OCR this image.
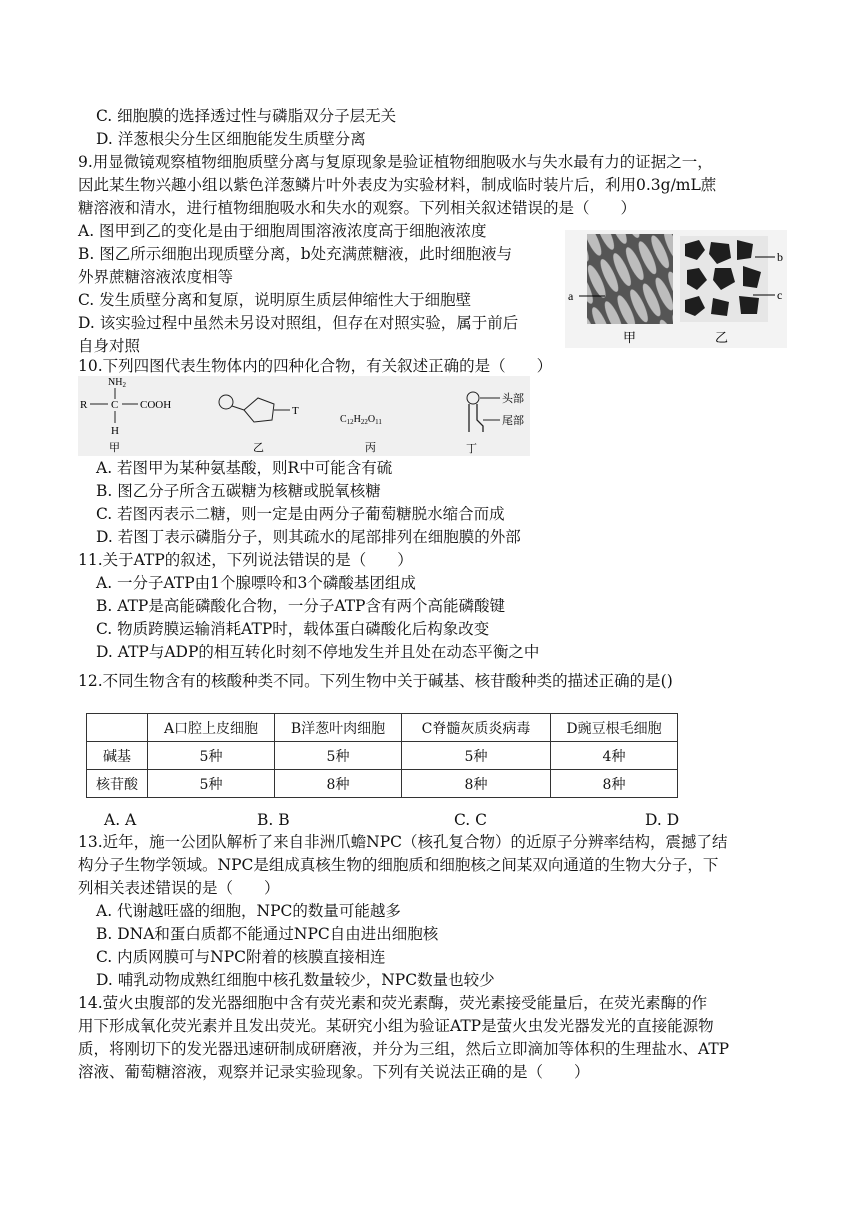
C. 细胞膜的选择透过性与磷脂双分子层无关
D. 洋葱根尖分生区细胞能发生质壁分离
9.用显微镜观察植物细胞质壁分离与复原现象是验证植物细胞吸水与失水最有力的证据之一，
因此某生物兴趣小组以紫色洋葱鳞片叶外表皮为实验材料，制成临时装片后，利用0.3g/mL蔗
糖溶液和清水，进行植物细胞吸水和失水的观察。下列相关叙述错误的是（　　）
A. 图甲到乙的变化是由于细胞周围溶液浓度高于细胞液浓度
B. 图乙所示细胞出现质壁分离，b处充满蔗糖液，此时细胞液与
外界蔗糖溶液浓度相等
C. 发生质壁分离和复原，说明原生质层伸缩性大于细胞壁
D. 该实验过程中虽然未另设对照组，但存在对照实验，属于前后
自身对照
a
b
c
甲	乙
10.下列四图代表生物体内的四种化合物，有关叙述正确的是（　　）
$NH_2$
R C COOH
H
甲
T
乙
$C_{12}H_{22}O_{11}$
丙
头部
尾部
丁
A. 若图甲为某种氨基酸，则R中可能含有硫
B. 图乙分子所含五碳糖为核糖或脱氧核糖
C. 若图丙表示二糖，则一定是由两分子葡萄糖脱水缩合而成
D. 若图丁表示磷脂分子，则其疏水的尾部排列在细胞膜的外部
11.关于ATP的叙述，下列说法错误的是（　　）
A. 一分子ATP由1个腺嘌呤和3个磷酸基团组成
B. ATP是高能磷酸化合物，一分子ATP含有两个高能磷酸键
C. 物质跨膜运输消耗ATP时，载体蛋白磷酸化后构象改变
D. ATP与ADP的相互转化时刻不停地发生并且处在动态平衡之中
12.不同生物含有的核酸种类不同。下列生物中关于碱基、核苷酸种类的描述正确的是()
	A口腔上皮细胞	B洋葱叶肉细胞	C脊髓灰质炎病毒	D豌豆根毛细胞
碱基	5种	5种	5种	4种
核苷酸	5种	8种	8种	8种
A. A	B. B	C. C	D. D
13.近年，施一公团队解析了来自非洲爪蟾NPC（核孔复合物）的近原子分辨率结构，震撼了结
构分子生物学领域。NPC是组成真核生物的细胞质和细胞核之间某双向通道的生物大分子，下
列相关表述错误的是（　　）
A. 代谢越旺盛的细胞，NPC的数量可能越多
B. DNA和蛋白质都不能通过NPC自由进出细胞核
C. 内质网膜可与NPC附着的核膜直接相连
D. 哺乳动物成熟红细胞中核孔数量较少，NPC数量也较少
14.萤火虫腹部的发光器细胞中含有荧光素和荧光素酶，荧光素接受能量后，在荧光素酶的作
用下形成氧化荧光素并且发出荧光。某研究小组为验证ATP是萤火虫发光器发光的直接能源物
质，将刚切下的发光器迅速研制成研磨液，并分为三组，然后立即滴加等体积的生理盐水、ATP
溶液、葡萄糖溶液，观察并记录实验现象。下列有关说法正确的是（　　）
